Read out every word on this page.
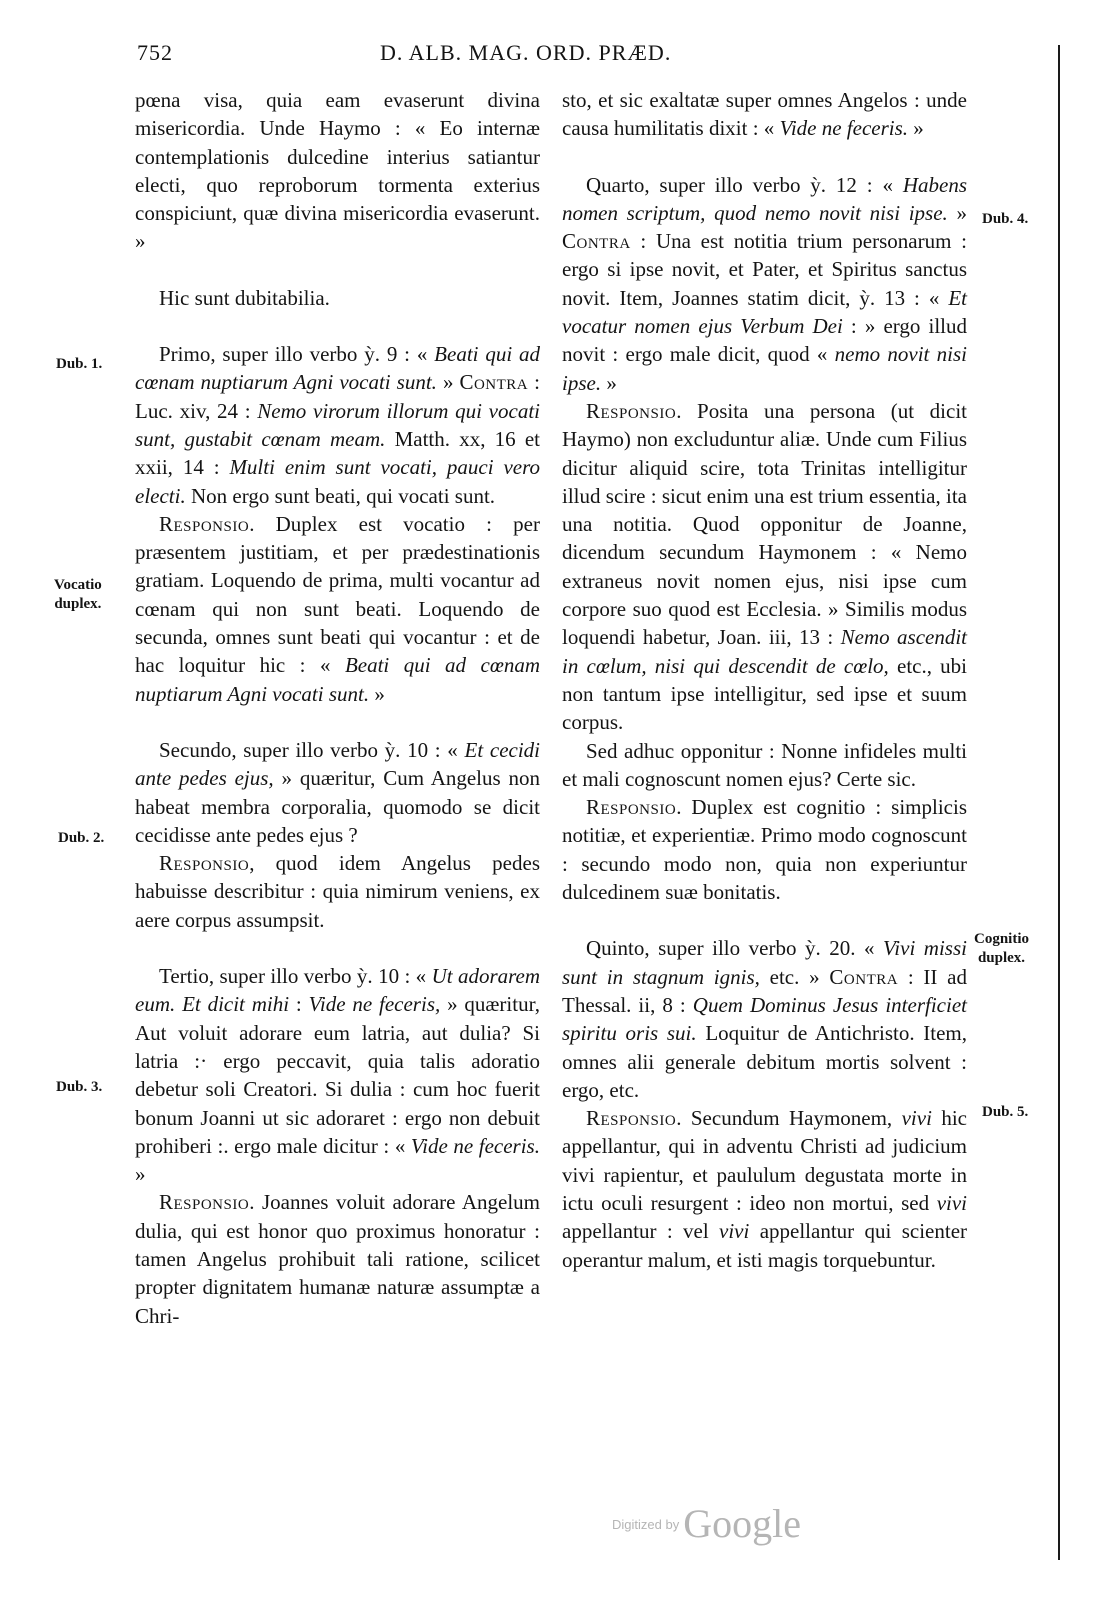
752	D. ALB. MAG. ORD. PRÆD.
Dub. 1.
Vocatio
duplex.
Dub. 2.
Dub. 3.
Dub. 4.
Cognitio
duplex.
Dub. 5.

pœna visa, quia eam evaserunt divina misericordia. Unde Haymo : « Eo internæ contemplationis dulcedine interius satiantur electi, quo reproborum tormenta exterius conspiciunt, quæ divina misericordia evaserunt. »

Hic sunt dubitabilia.

Primo, super illo verbo ỳ. 9 : « Beati qui ad cœnam nuptiarum Agni vocati sunt. » Contra : Luc. xiv, 24 : Nemo virorum illorum qui vocati sunt, gustabit cœnam meam. Matth. xx, 16 et xxii, 14 : Multi enim sunt vocati, pauci vero electi. Non ergo sunt beati, qui vocati sunt.

Responsio. Duplex est vocatio : per præsentem justitiam, et per prædestinationis gratiam. Loquendo de prima, multi vocantur ad cœnam qui non sunt beati. Loquendo de secunda, omnes sunt beati qui vocantur : et de hac loquitur hic : « Beati qui ad cœnam nuptiarum Agni vocati sunt. »

Secundo, super illo verbo ỳ. 10 : « Et cecidi ante pedes ejus, » quæritur, Cum Angelus non habeat membra corporalia, quomodo se dicit cecidisse ante pedes ejus ?

Responsio, quod idem Angelus pedes habuisse describitur : quia nimirum veniens, ex aere corpus assumpsit.

Tertio, super illo verbo ỳ. 10 : « Ut adorarem eum. Et dicit mihi : Vide ne feceris, » quæritur, Aut voluit adorare eum latria, aut dulia? Si latria :· ergo peccavit, quia talis adoratio debetur soli Creatori. Si dulia : cum hoc fuerit bonum Joanni ut sic adoraret : ergo non debuit prohiberi :. ergo male dicitur : « Vide ne feceris. »

Responsio. Joannes voluit adorare Angelum dulia, qui est honor quo proximus honoratur : tamen Angelus prohibuit tali ratione, scilicet propter dignitatem humanæ naturæ assumptæ a Chri-

sto, et sic exaltatæ super omnes Angelos : unde causa humilitatis dixit : « Vide ne feceris. »

Quarto, super illo verbo ỳ. 12 : « Habens nomen scriptum, quod nemo novit nisi ipse. » Contra : Una est notitia trium personarum : ergo si ipse novit, et Pater, et Spiritus sanctus novit. Item, Joannes statim dicit, ỳ. 13 : « Et vocatur nomen ejus Verbum Dei : » ergo illud novit : ergo male dicit, quod « nemo novit nisi ipse. »

Responsio. Posita una persona (ut dicit Haymo) non excluduntur aliæ. Unde cum Filius dicitur aliquid scire, tota Trinitas intelligitur illud scire : sicut enim una est trium essentia, ita una notitia. Quod opponitur de Joanne, dicendum secundum Haymonem : « Nemo extraneus novit nomen ejus, nisi ipse cum corpore suo quod est Ecclesia. » Similis modus loquendi habetur, Joan. iii, 13 : Nemo ascendit in cœlum, nisi qui descendit de cœlo, etc., ubi non tantum ipse intelligitur, sed ipse et suum corpus.

Sed adhuc opponitur : Nonne infideles multi et mali cognoscunt nomen ejus? Certe sic.

Responsio. Duplex est cognitio : simplicis notitiæ, et experientiæ. Primo modo cognoscunt : secundo modo non, quia non experiuntur dulcedinem suæ bonitatis.

Quinto, super illo verbo ỳ. 20. « Vivi missi sunt in stagnum ignis, etc. » Contra : II ad Thessal. ii, 8 : Quem Dominus Jesus interficiet spiritu oris sui. Loquitur de Antichristo. Item, omnes alii generale debitum mortis solvent : ergo, etc.

Responsio. Secundum Haymonem, vivi hic appellantur, qui in adventu Christi ad judicium vivi rapientur, et paululum degustata morte in ictu oculi resurgent : ideo non mortui, sed vivi appellantur : vel vivi appellantur qui scienter operantur malum, et isti magis torquebuntur.

$^{Digitized by}$ Google
